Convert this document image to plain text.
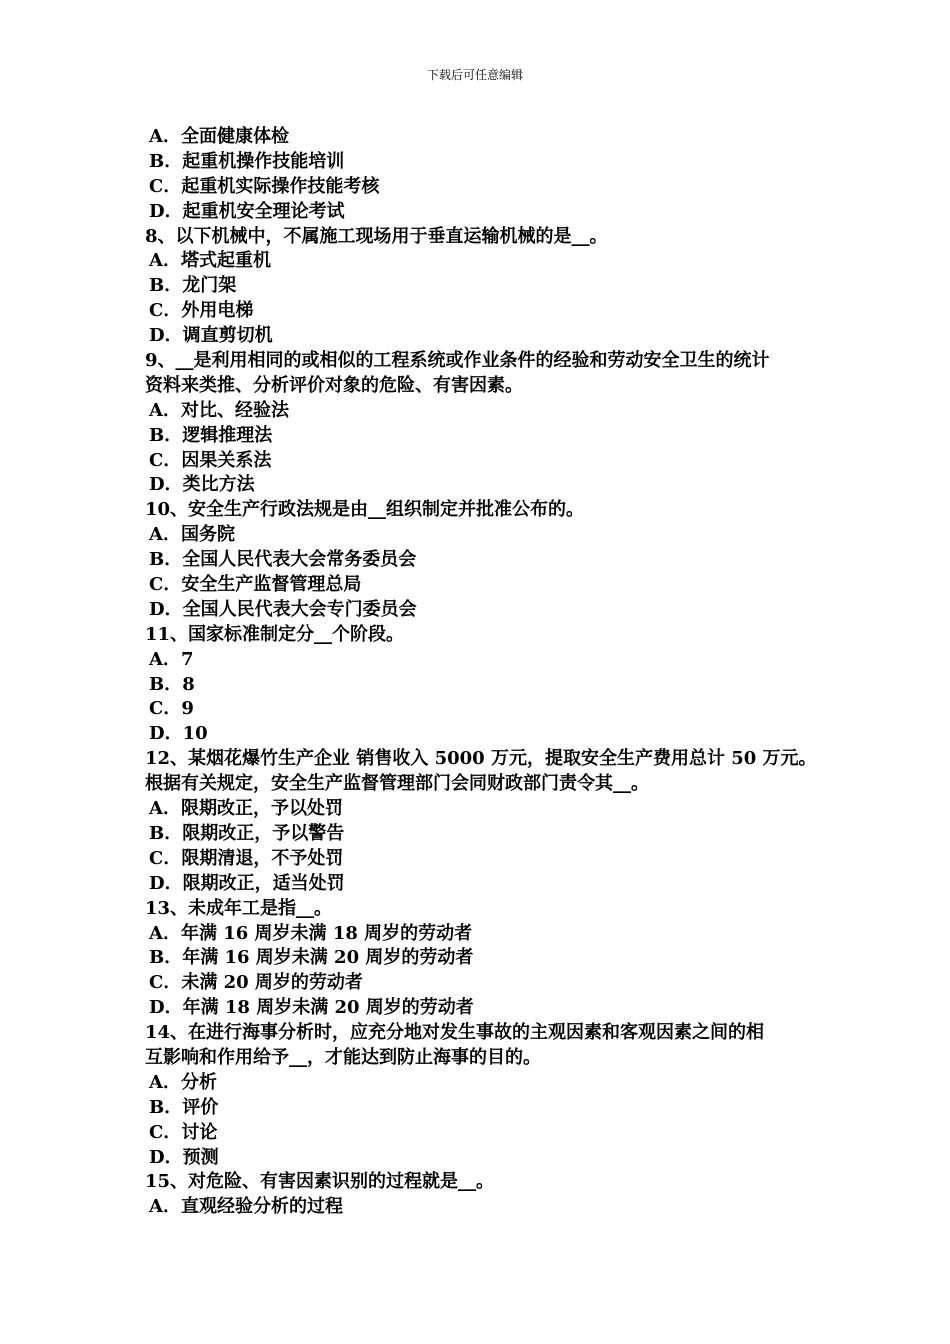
下载后可任意编辑
A．全面健康体检
B．起重机操作技能培训
C．起重机实际操作技能考核
D．起重机安全理论考试
8、以下机械中，不属施工现场用于垂直运输机械的是__。
A．塔式起重机
B．龙门架
C．外用电梯
D．调直剪切机
9、__是利用相同的或相似的工程系统或作业条件的经验和劳动安全卫生的统计
资料来类推、分析评价对象的危险、有害因素。
A．对比、经验法
B．逻辑推理法
C．因果关系法
D．类比方法
10、安全生产行政法规是由__组织制定并批准公布的。
A．国务院
B．全国人民代表大会常务委员会
C．安全生产监督管理总局
D．全国人民代表大会专门委员会
11、国家标准制定分__个阶段。
A．7
B．8
C．9
D．10
12、某烟花爆竹生产企业 销售收入 5000 万元，提取安全生产费用总计 50 万元。
根据有关规定，安全生产监督管理部门会同财政部门责令其__。
A．限期改正，予以处罚
B．限期改正，予以警告
C．限期清退，不予处罚
D．限期改正，适当处罚
13、未成年工是指__。
A．年满 16 周岁未满 18 周岁的劳动者
B．年满 16 周岁未满 20 周岁的劳动者
C．未满 20 周岁的劳动者
D．年满 18 周岁未满 20 周岁的劳动者
14、在进行海事分析时，应充分地对发生事故的主观因素和客观因素之间的相
互影响和作用给予__，才能达到防止海事的目的。
A．分析
B．评价
C．讨论
D．预测
15、对危险、有害因素识别的过程就是__。
A．直观经验分析的过程
